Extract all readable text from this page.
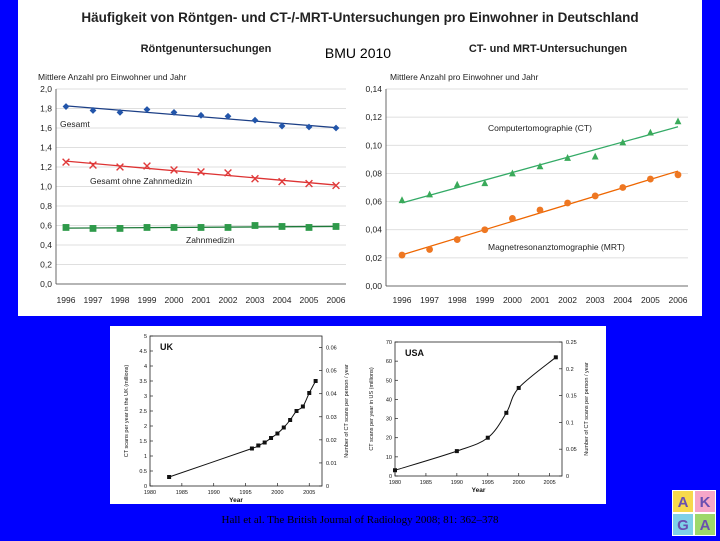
Häufigkeit von Röntgen- und CT-/-MRT-Untersuchungen pro Einwohner in Deutschland
BMU 2010
Röntgenuntersuchungen
Mittlere Anzahl pro Einwohner und Jahr
0,0
0,2
0,4
0,6
0,8
1,0
1,2
1,4
1,6
1,8
2,0
1996 1997 1998 1999 2000 2001 2002 2003 2004 2005 2006
Gesamt
Gesamt ohne Zahnmedizin
Zahnmedizin
CT- und MRT-Untersuchungen
Mittlere Anzahl pro Einwohner und Jahr
0,00
0,02
0,04
0,06
0,08
0,10
0,12
0,14
1996 1997 1998 1999 2000 2001 2002 2003 2004 2005 2006
Computertomographie (CT)
Magnetresonanztomographie (MRT)
UK
0
0.5
1
1.5
2
2.5
3
3.5
4
4.5
5
0
0.01
0.02
0.03
0.04
0.05
0.06
1980	1985	1990	1995	2000	2005
Year
CT scans per year in the UK (millions)	Number of CT scans per person / year
USA
0
10
20
30
40
50
60
70
0
0.05
0.1
0.15
0.2
0.25
1980	1985	1990	1995	2000	2005
Year
CT scans per year in US (millions)	Number of CT scans per person / year
Hall et al. The British Journal of Radiology 2008; 81: 362–378
A K
G A
